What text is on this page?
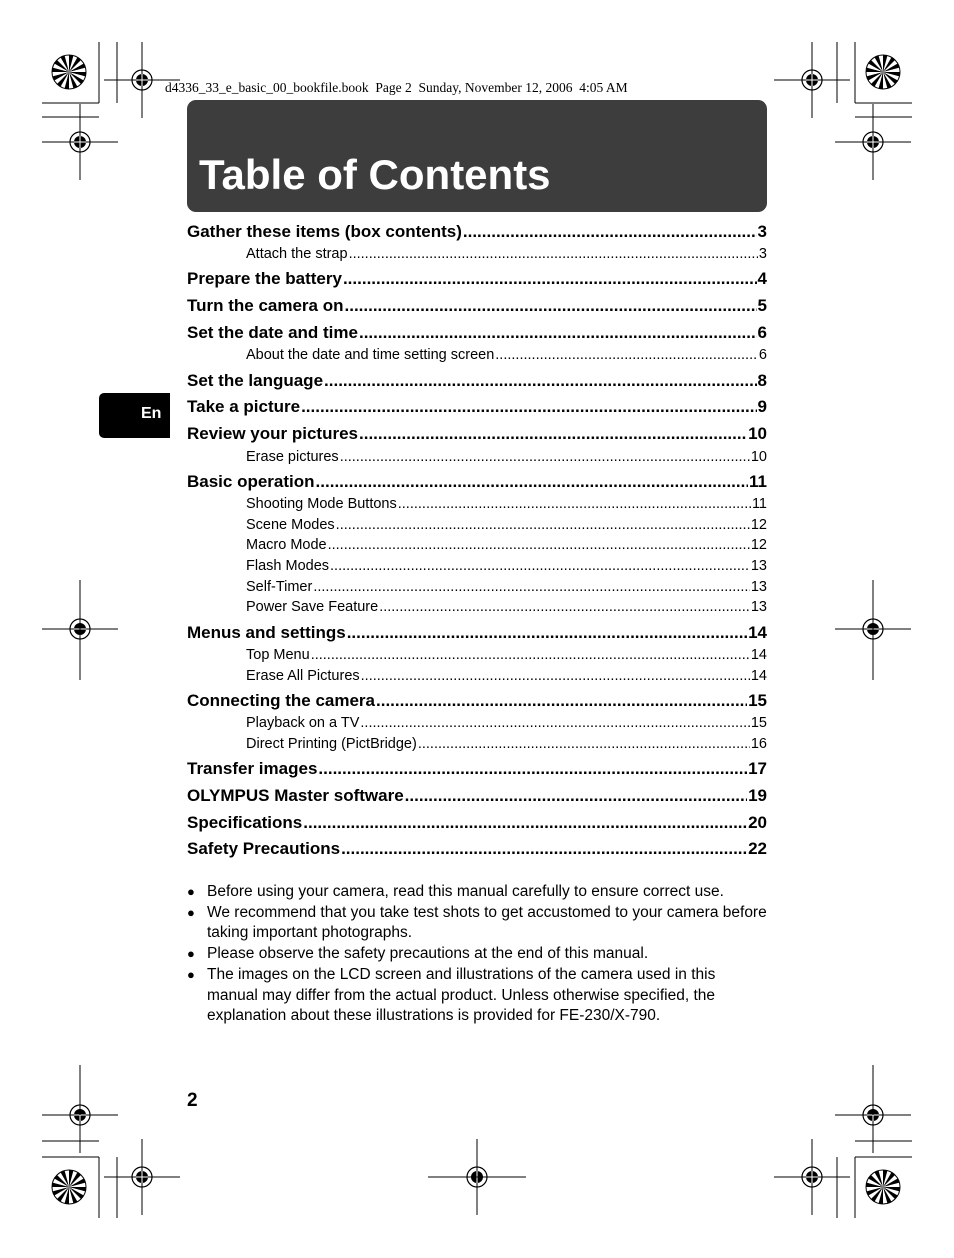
d4336_33_e_basic_00_bookfile.book  Page 2  Sunday, November 12, 2006  4:05 AM
Table of Contents
En
Gather these items (box contents) .....	3
Attach the strap .....	3
Prepare the battery .....	4
Turn the camera on .....	5
Set the date and time .....	6
About the date and time setting screen .....	6
Set the language .....	8
Take a picture .....	9
Review your pictures .....	10
Erase pictures .....	10
Basic operation .....	11
Shooting Mode Buttons .....	11
Scene Modes .....	12
Macro Mode .....	12
Flash Modes .....	13
Self-Timer .....	13
Power Save Feature .....	13
Menus and settings .....	14
Top Menu .....	14
Erase All Pictures .....	14
Connecting the camera .....	15
Playback on a TV .....	15
Direct Printing (PictBridge) .....	16
Transfer images .....	17
OLYMPUS Master software .....	19
Specifications .....	20
Safety Precautions .....	22
● Before using your camera, read this manual carefully to ensure correct use.
● We recommend that you take test shots to get accustomed to your camera before taking important photographs.
● Please observe the safety precautions at the end of this manual.
● The images on the LCD screen and illustrations of the camera used in this manual may differ from the actual product. Unless otherwise specified, the explanation about these illustrations is provided for FE-230/X-790.
2
